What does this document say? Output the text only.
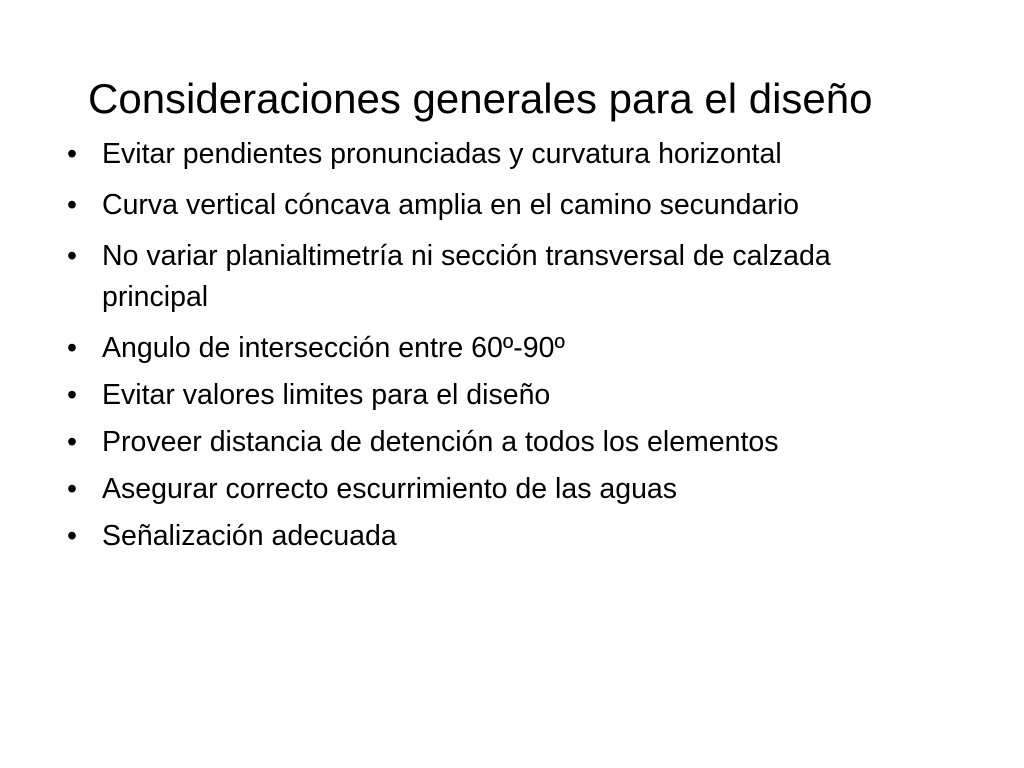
Consideraciones generales para el diseño
• Evitar pendientes pronunciadas y curvatura horizontal
• Curva vertical cóncava amplia en el camino secundario
• No variar planialtimetría ni sección transversal de calzada principal
• Angulo de intersección entre 60º-90º
• Evitar valores limites para el diseño
• Proveer distancia de detención a todos los elementos
• Asegurar correcto escurrimiento de las aguas
• Señalización adecuada
